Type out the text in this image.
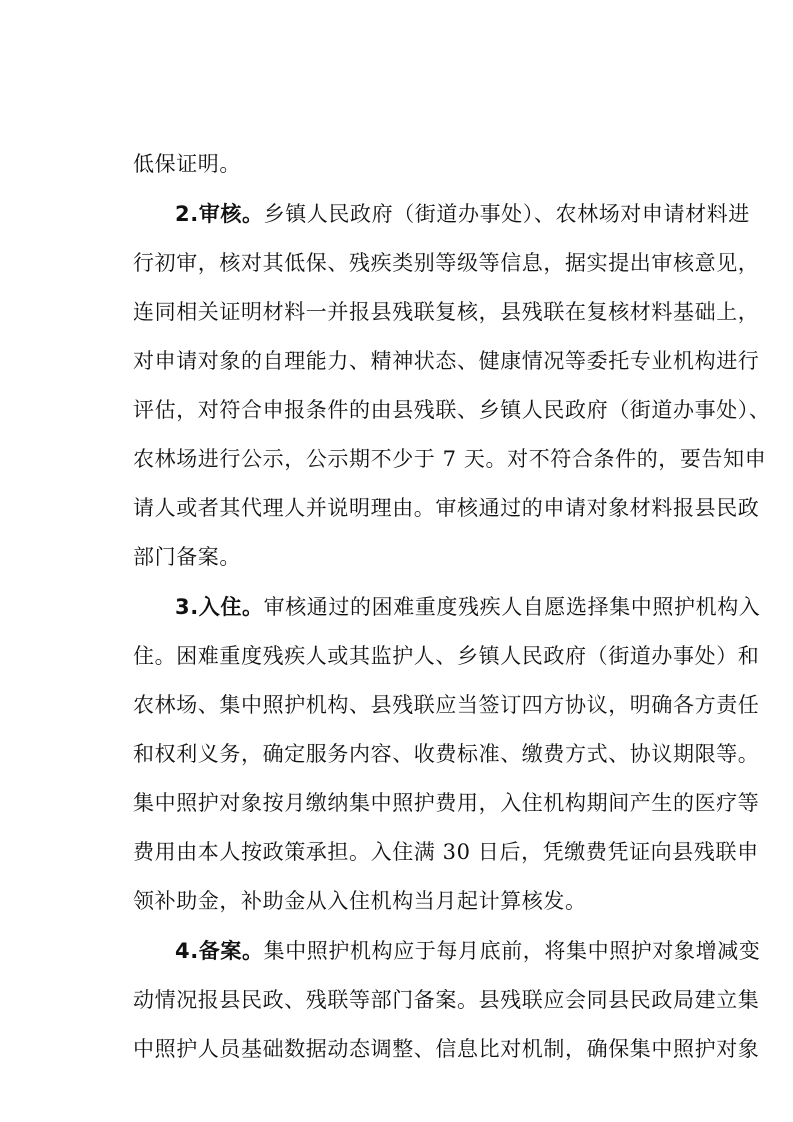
低保证明。
2.审核。乡镇人民政府（街道办事处）、农林场对申请材料进
行初审，核对其低保、残疾类别等级等信息，据实提出审核意见，
连同相关证明材料一并报县残联复核，县残联在复核材料基础上，
对申请对象的自理能力、精神状态、健康情况等委托专业机构进行
评估，对符合申报条件的由县残联、乡镇人民政府（街道办事处）、
农林场进行公示，公示期不少于 7 天。对不符合条件的，要告知申
请人或者其代理人并说明理由。审核通过的申请对象材料报县民政
部门备案。
3.入住。审核通过的困难重度残疾人自愿选择集中照护机构入
住。困难重度残疾人或其监护人、乡镇人民政府（街道办事处）和
农林场、集中照护机构、县残联应当签订四方协议，明确各方责任
和权利义务，确定服务内容、收费标准、缴费方式、协议期限等。
集中照护对象按月缴纳集中照护费用，入住机构期间产生的医疗等
费用由本人按政策承担。入住满 30 日后，凭缴费凭证向县残联申
领补助金，补助金从入住机构当月起计算核发。
4.备案。集中照护机构应于每月底前，将集中照护对象增减变
动情况报县民政、残联等部门备案。县残联应会同县民政局建立集
中照护人员基础数据动态调整、信息比对机制，确保集中照护对象
